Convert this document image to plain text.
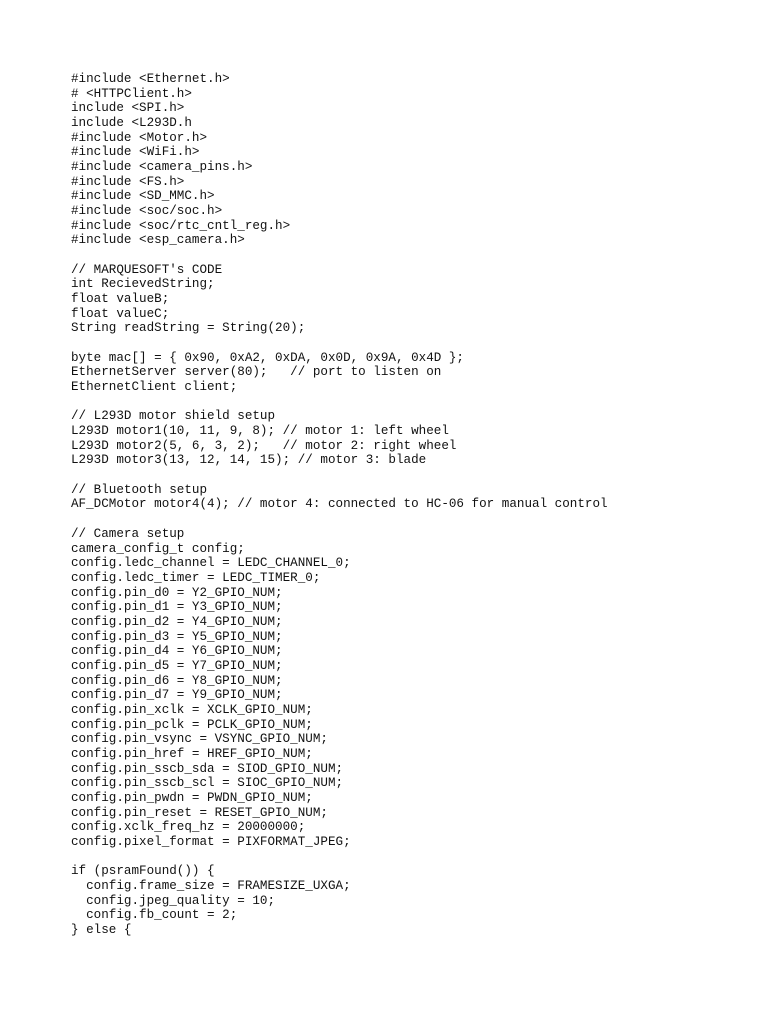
#include <Ethernet.h>
# <HTTPClient.h>
include <SPI.h>
include <L293D.h
#include <Motor.h>
#include <WiFi.h>
#include <camera_pins.h>
#include <FS.h>
#include <SD_MMC.h>
#include <soc/soc.h>
#include <soc/rtc_cntl_reg.h>
#include <esp_camera.h>
// MARQUESOFT's CODE
int RecievedString;
float valueB;
float valueC;
String readString = String(20);
byte mac[] = { 0x90, 0xA2, 0xDA, 0x0D, 0x9A, 0x4D };
EthernetServer server(80);   // port to listen on
EthernetClient client;
// L293D motor shield setup
L293D motor1(10, 11, 9, 8); // motor 1: left wheel
L293D motor2(5, 6, 3, 2);   // motor 2: right wheel
L293D motor3(13, 12, 14, 15); // motor 3: blade
// Bluetooth setup
AF_DCMotor motor4(4); // motor 4: connected to HC-06 for manual control
// Camera setup
camera_config_t config;
config.ledc_channel = LEDC_CHANNEL_0;
config.ledc_timer = LEDC_TIMER_0;
config.pin_d0 = Y2_GPIO_NUM;
config.pin_d1 = Y3_GPIO_NUM;
config.pin_d2 = Y4_GPIO_NUM;
config.pin_d3 = Y5_GPIO_NUM;
config.pin_d4 = Y6_GPIO_NUM;
config.pin_d5 = Y7_GPIO_NUM;
config.pin_d6 = Y8_GPIO_NUM;
config.pin_d7 = Y9_GPIO_NUM;
config.pin_xclk = XCLK_GPIO_NUM;
config.pin_pclk = PCLK_GPIO_NUM;
config.pin_vsync = VSYNC_GPIO_NUM;
config.pin_href = HREF_GPIO_NUM;
config.pin_sscb_sda = SIOD_GPIO_NUM;
config.pin_sscb_scl = SIOC_GPIO_NUM;
config.pin_pwdn = PWDN_GPIO_NUM;
config.pin_reset = RESET_GPIO_NUM;
config.xclk_freq_hz = 20000000;
config.pixel_format = PIXFORMAT_JPEG;
if (psramFound()) {
config.frame_size = FRAMESIZE_UXGA;
config.jpeg_quality = 10;
config.fb_count = 2;
} else {
